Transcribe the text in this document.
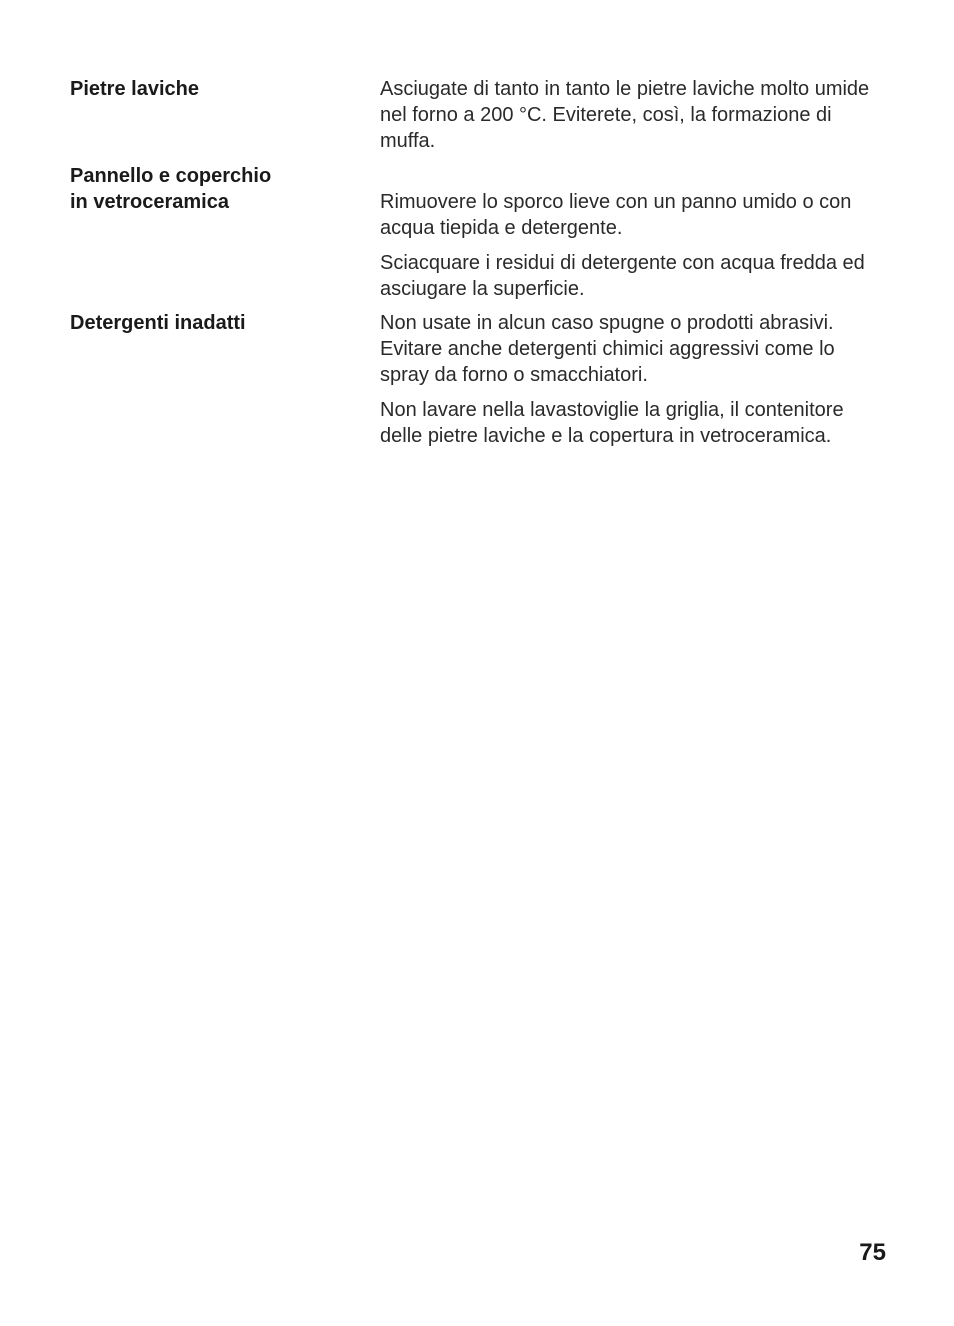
Pietre laviche	Asciugate di tanto in tanto le pietre laviche molto umide nel forno a 200 °C. Eviterete, così, la formazione di muffa.
Pannello e coperchio
in vetroceramica	Rimuovere lo sporco lieve con un panno umido o con acqua tiepida e detergente.
Sciacquare i residui di detergente con acqua fredda ed asciugare la superficie.
Detergenti inadatti	Non usate in alcun caso spugne o prodotti abrasivi. Evitare anche detergenti chimici aggressivi come lo spray da forno o smacchiatori.
Non lavare nella lavastoviglie la griglia, il contenitore delle pietre laviche e la copertura in vetroceramica.
75
